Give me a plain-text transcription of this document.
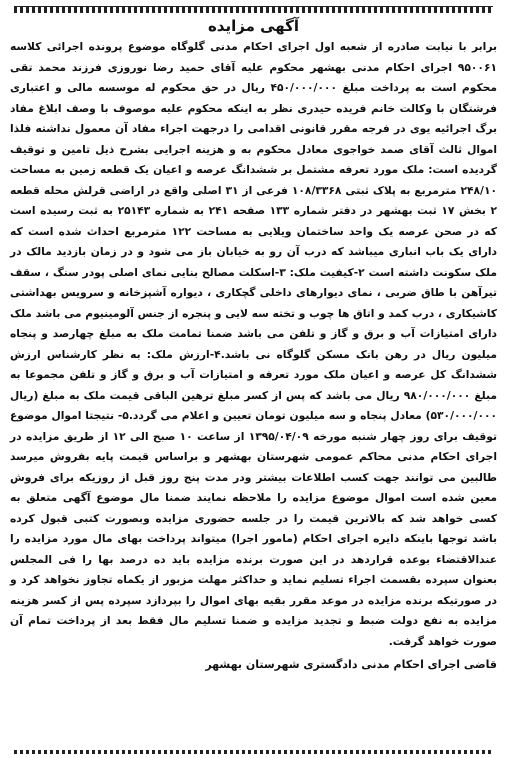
آگهی مزایده
برابر با نیابت صادره از شعبه اول اجرای احکام مدنی گلوگاه موضوع پرونده اجرائی کلاسه ۹۵۰۰۶۱ اجرای احکام مدنی بهشهر محکوم علیه آقای حمید رضا نوروزی فرزند محمد تقی محکوم است به پرداخت مبلغ ۴۵۰/۰۰۰/۰۰۰ ریال در حق محکوم له موسسه مالی و اعتباری فرشتگان با وکالت خانم فریده حیدری نظر به اینکه محکوم علیه موصوف با وصف ابلاغ مفاد برگ اجرائیه یوی در فرجه مقرر قانونی اقدامی را درجهت اجراء مفاد آن معمول نداشته فلذا اموال ثالث آقای صمد خواجوی معادل محکوم به و هزینه اجرایی بشرح ذیل تامین و توقیف گردیده است: ملک مورد تعرفه مشتمل بر ششدانگ عرصه و اعیان یک قطعه زمین به مساحت ۲۴۸/۱۰ مترمربع به پلاک ثبتی ۱۰۸/۳۳۶۸ فرعی از ۳۱ اصلی واقع در اراضی قرلش محله قطعه ۲ بخش ۱۷ ثبت بهشهر در دفتر شماره ۱۳۳ صفحه ۲۴۱ به شماره ۲۵۱۴۳ به ثبت رسیده است که در صحن عرصه یک واحد ساختمان ویلایی به مساحت ۱۲۲ مترمربع احداث شده است که دارای یک باب انباری میباشد که درب آن رو به خیابان باز می شود و در زمان بازدید مالک در ملک سکونت داشته است ۲-کیفیت ملک: ۳-اسکلت مصالح بنایی نمای اصلی پودر سنگ ، سقف تیرآهن با طاق ضربی ، نمای دیوارهای داخلی گچکاری ، دیواره آشپزخانه و سرویس بهداشتی کاشیکاری ، درب کمد و اتاق ها چوب و تخته سه لایی و پنجره از جنس آلومینیوم می باشد ملک دارای امتیازات آب و برق و گاز و تلفن می باشد ضمنا تمامت ملک به مبلغ چهارصد و پنجاه میلیون ریال در رهن بانک مسکن گلوگاه نی باشد.۴-ارزش ملک: به نظر کارشناس ارزش ششدانگ کل عرصه و اعیان ملک مورد تعرفه و امتیازات آب و برق و گاز و تلفن مجموعا به مبلغ ۹۸۰/۰۰۰/۰۰۰ ریال می باشد که پس از کسر مبلغ ترهین الباقی قیمت ملک به مبلغ (ریال ۵۳۰/۰۰۰/۰۰۰) معادل پنجاه و سه میلیون تومان تعیین و اعلام می گردد.۵- نتیجتا اموال موضوع توقیف برای روز چهار شنبه مورخه ۱۳۹۵/۰۴/۰۹ از ساعت ۱۰ صبح الی ۱۲ از طریق مزایده در اجرای احکام مدنی محاکم عمومی شهرستان بهشهر و براساس قیمت پایه بفروش میرسد طالبین می توانند جهت کسب اطلاعات بیشتر ودر مدت پنج روز قبل از روزیکه برای فروش معین شده است اموال موضوع مزایده را ملاحظه نمایند ضمنا مال موضوع آگهی متعلق به کسی خواهد شد که بالاترین قیمت را در جلسه حضوری مزایده وبصورت کتبی قبول کرده باشد توجها باینکه دایره اجرای احکام (مامور اجرا) میتواند پرداخت بهای مال مورد مزایده را عندالاقتضاء بوعده قراردهد در این صورت برنده مزایده باید ده درصد بها را فی المجلس بعنوان سپرده بقسمت اجراء تسلیم نماید و حداکثر مهلت مزبور از یکماه تجاوز نخواهد کرد و در صورتیکه برنده مزایده در موعد مقرر بقیه بهای اموال را بپردازد سپرده پس از کسر هزینه مزایده به نفع دولت ضبط و تجدید مزایده و ضمنا تسلیم مال فقط بعد از پرداخت تمام آن صورت خواهد گرفت.
قاضی اجرای احکام مدنی دادگستری شهرستان بهشهر
